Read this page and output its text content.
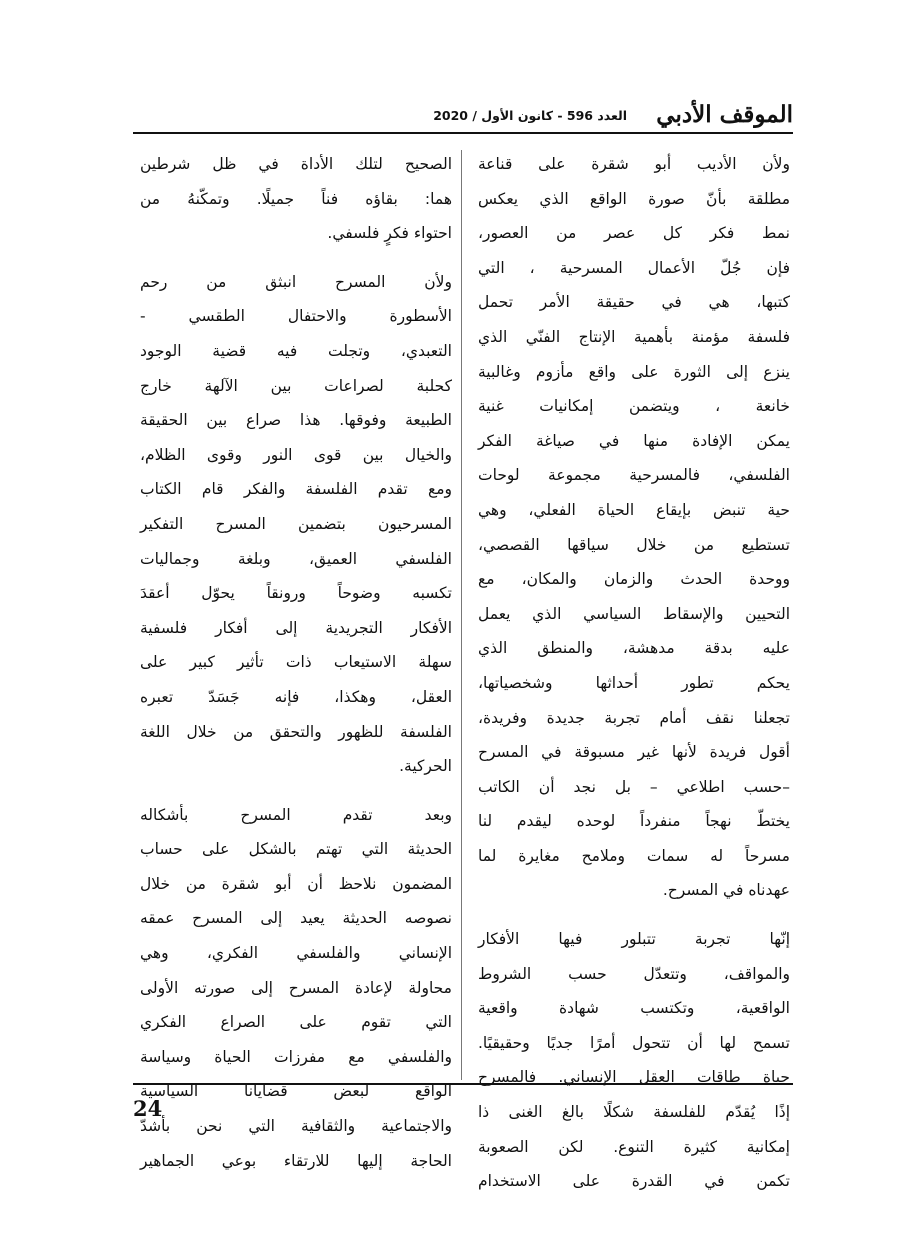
الموقف الأدبي
العدد 596 - كانون الأول / 2020
ولأن الأديب أبو شقرة على قناعة
مطلقة بأنّ صورة الواقع الذي يعكس
نمط فكر كل عصر من العصور،
فإن جُلّ الأعمال المسرحية ، التي
كتبها، هي في حقيقة الأمر تحمل
فلسفة مؤمنة بأهمية الإنتاج الفنّي الذي
ينزع إلى الثورة على واقع مأزوم وغالبية
خانعة ، ويتضمن إمكانيات غنية
يمكن الإفادة منها في صياغة الفكر
الفلسفي، فالمسرحية مجموعة لوحات
حية تنبض بإيقاع الحياة الفعلي، وهي
تستطيع من خلال سياقها القصصي،
ووحدة الحدث والزمان والمكان، مع
التحيين والإسقاط السياسي الذي يعمل
عليه بدقة مدهشة، والمنطق الذي
يحكم تطور أحداثها وشخصياتها،
تجعلنا نقف أمام تجربة جديدة وفريدة،
أقول فريدة لأنها غير مسبوقة في المسرح
–حسب اطلاعي – بل نجد أن الكاتب
يختطّ نهجاً منفرداً لوحده ليقدم لنا
مسرحاً له سمات وملامح مغايرة لما
عهدناه في المسرح.
إنّها تجربة تتبلور فيها الأفكار
والمواقف، وتتعدّل حسب الشروط
الواقعية، وتكتسب شهادة واقعية
تسمح لها أن تتحول أمرًا جديًا وحقيقيًا.
حياة طاقات العقل الإنساني. فالمسرح
إذًا يُقدّم للفلسفة شكلًا بالغ الغنى ذا
إمكانية كثيرة التنوع. لكن الصعوبة
تكمن في القدرة على الاستخدام
الصحيح لتلك الأداة في ظل شرطين
هما: بقاؤه فناً جميلًا. وتمكّنهُ من
احتواء فكرٍ فلسفي.
ولأن المسرح انبثق من رحم
الأسطورة والاحتفال الطقسي -
التعبدي، وتجلت فيه قضية الوجود
كحلبة لصراعات بين الآلهة خارج
الطبيعة وفوقها. هذا صراع بين الحقيقة
والخيال بين قوى النور وقوى الظلام،
ومع تقدم الفلسفة والفكر قام الكتاب
المسرحيون بتضمين المسرح التفكير
الفلسفي العميق، وبلغة وجماليات
تكسبه وضوحاً ورونقاً يحوّل أعقدَ
الأفكار التجريدية إلى أفكار فلسفية
سهلة الاستيعاب ذات تأثير كبير على
العقل، وهكذا، فإنه جَسَدّ تعبره
الفلسفة للظهور والتحقق من خلال اللغة
الحركية.
وبعد تقدم المسرح بأشكاله
الحديثة التي تهتم بالشكل على حساب
المضمون نلاحظ أن أبو شقرة من خلال
نصوصه الحديثة يعيد إلى المسرح عمقه
الإنساني والفلسفي الفكري، وهي
محاولة لإعادة المسرح إلى صورته الأولى
التي تقوم على الصراع الفكري
والفلسفي مع مفرزات الحياة وسياسة
الواقع لبعض قضايانا السياسية
والاجتماعية والثقافية التي نحن بأشدّ
الحاجة إليها للارتقاء بوعي الجماهير
24
